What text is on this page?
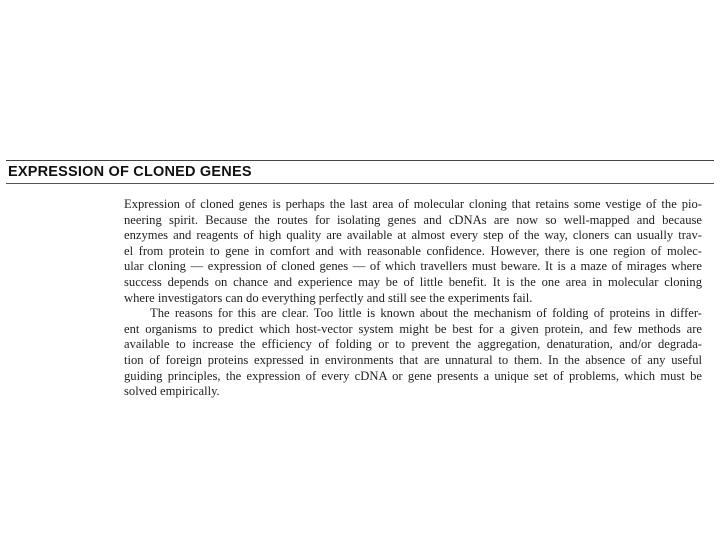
EXPRESSION OF CLONED GENES
Expression of cloned genes is perhaps the last area of molecular cloning that retains some vestige of the pio-
neering spirit. Because the routes for isolating genes and cDNAs are now so well-mapped and because
enzymes and reagents of high quality are available at almost every step of the way, cloners can usually trav-
el from protein to gene in comfort and with reasonable confidence. However, there is one region of molec-
ular cloning — expression of cloned genes — of which travellers must beware. It is a maze of mirages where
success depends on chance and experience may be of little benefit. It is the one area in molecular cloning
where investigators can do everything perfectly and still see the experiments fail.
The reasons for this are clear. Too little is known about the mechanism of folding of proteins in differ-
ent organisms to predict which host-vector system might be best for a given protein, and few methods are
available to increase the efficiency of folding or to prevent the aggregation, denaturation, and/or degrada-
tion of foreign proteins expressed in environments that are unnatural to them. In the absence of any useful
guiding principles, the expression of every cDNA or gene presents a unique set of problems, which must be
solved empirically.
